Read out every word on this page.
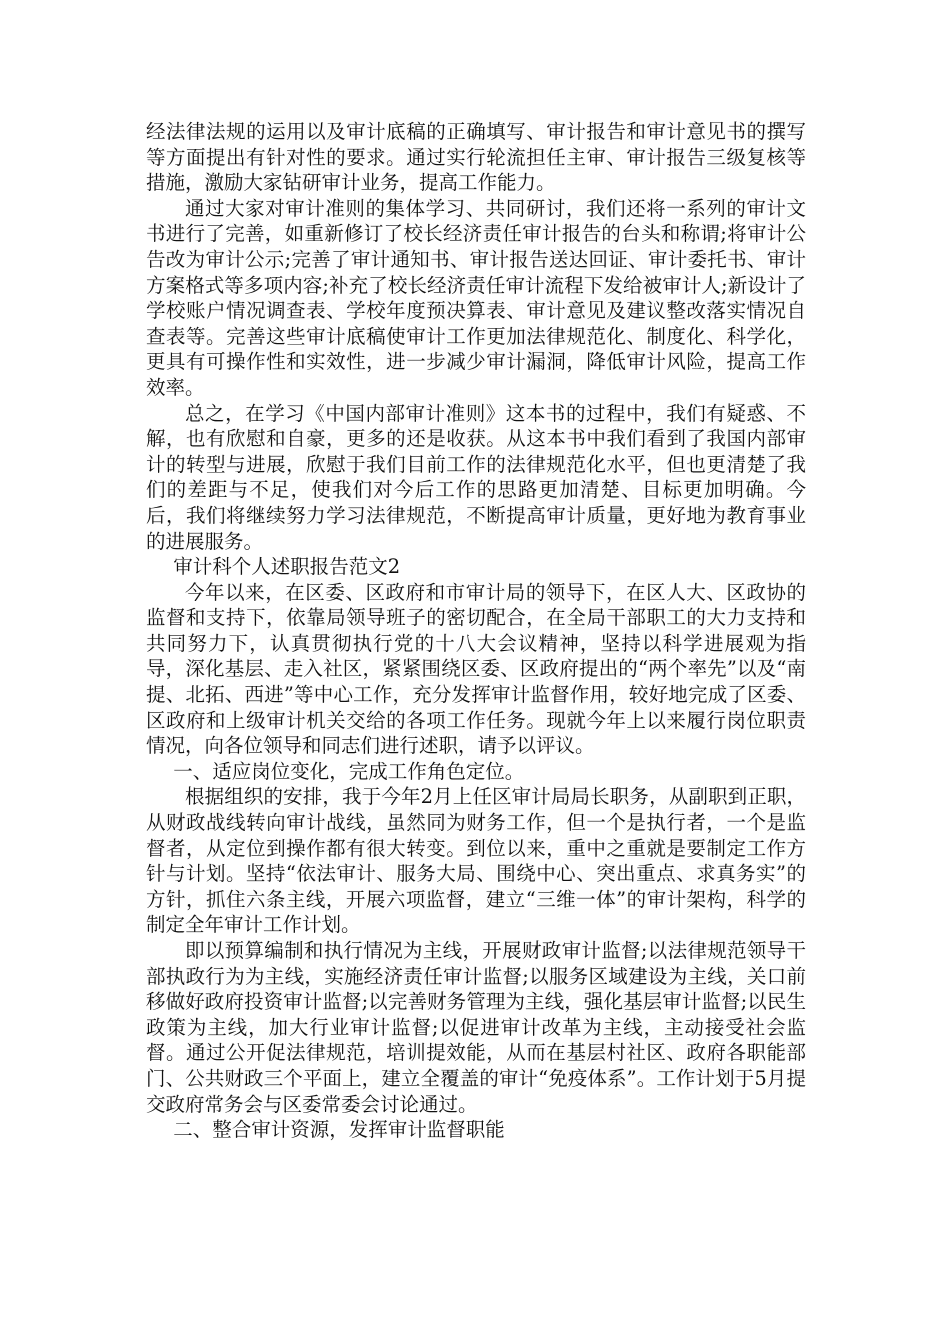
经法律法规的运用以及审计底稿的正确填写、审计报告和审计意见书的撰写等方面提出有针对性的要求。通过实行轮流担任主审、审计报告三级复核等措施，激励大家钻研审计业务，提高工作能力。

通过大家对审计准则的集体学习、共同研讨，我们还将一系列的审计文书进行了完善，如重新修订了校长经济责任审计报告的台头和称谓;将审计公告改为审计公示;完善了审计通知书、审计报告送达回证、审计委托书、审计方案格式等多项内容;补充了校长经济责任审计流程下发给被审计人;新设计了学校账户情况调查表、学校年度预决算表、审计意见及建议整改落实情况自查表等。完善这些审计底稿使审计工作更加法律规范化、制度化、科学化，更具有可操作性和实效性，进一步减少审计漏洞，降低审计风险，提高工作效率。

总之，在学习《中国内部审计准则》这本书的过程中，我们有疑惑、不解，也有欣慰和自豪，更多的还是收获。从这本书中我们看到了我国内部审计的转型与进展，欣慰于我们目前工作的法律规范化水平，但也更清楚了我们的差距与不足，使我们对今后工作的思路更加清楚、目标更加明确。今后，我们将继续努力学习法律规范，不断提高审计质量，更好地为教育事业的进展服务。

审计科个人述职报告范文2

今年以来，在区委、区政府和市审计局的领导下，在区人大、区政协的监督和支持下，依靠局领导班子的密切配合，在全局干部职工的大力支持和共同努力下，认真贯彻执行党的十八大会议精神，坚持以科学进展观为指导，深化基层、走入社区，紧紧围绕区委、区政府提出的“两个率先”以及“南提、北拓、西进”等中心工作，充分发挥审计监督作用，较好地完成了区委、区政府和上级审计机关交给的各项工作任务。现就今年上以来履行岗位职责情况，向各位领导和同志们进行述职，请予以评议。

一、适应岗位变化，完成工作角色定位。

根据组织的安排，我于今年2月上任区审计局局长职务，从副职到正职，从财政战线转向审计战线，虽然同为财务工作，但一个是执行者，一个是监督者，从定位到操作都有很大转变。到位以来，重中之重就是要制定工作方针与计划。坚持“依法审计、服务大局、围绕中心、突出重点、求真务实”的方针，抓住六条主线，开展六项监督，建立“三维一体”的审计架构，科学的制定全年审计工作计划。

即以预算编制和执行情况为主线，开展财政审计监督;以法律规范领导干部执政行为为主线，实施经济责任审计监督;以服务区域建设为主线，关口前移做好政府投资审计监督;以完善财务管理为主线，强化基层审计监督;以民生政策为主线，加大行业审计监督;以促进审计改革为主线，主动接受社会监督。通过公开促法律规范，培训提效能，从而在基层村社区、政府各职能部门、公共财政三个平面上，建立全覆盖的审计“免疫体系”。工作计划于5月提交政府常务会与区委常委会讨论通过。

二、整合审计资源，发挥审计监督职能
